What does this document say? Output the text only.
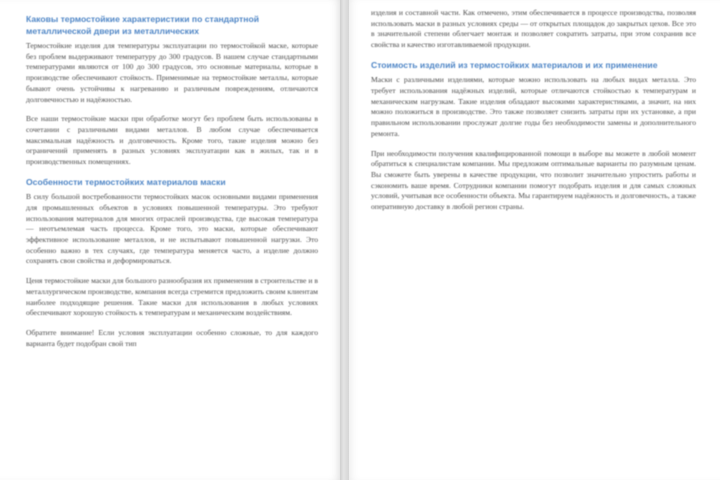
Каковы термостойкие характеристики по стандартной металлической двери из металлических

Термостойкие изделия для температуры эксплуатации по термостойкой маске, которые без проблем выдерживают температуру до 300 градусов. В нашем случае стандартными температурами являются от 100 до 300 градусов, это основные материалы, которые в производстве обеспечивают стойкость. Применимые на термостойкие металлы, которые бывают очень устойчивы к нагреванию и различным повреждениям, отличаются долговечностью и надёжностью.

Все наши термостойкие маски при обработке могут без проблем быть использованы в сочетании с различными видами металлов. В любом случае обеспечивается максимальная надёжность и долговечность. Кроме того, такие изделия можно без ограничений применять в разных условиях эксплуатации как в жилых, так и в производственных помещениях.

Особенности термостойких материалов маски

В силу большой востребованности термостойких масок основными видами применения для промышленных объектов в условиях повышенной температуры. Это требуют использования материалов для многих отраслей производства, где высокая температура — неотъемлемая часть процесса. Кроме того, это маски, которые обеспечивают эффективное использование металлов, и не испытывают повышенной нагрузки. Это особенно важно в тех случаях, где температура меняется часто, а изделие должно сохранять свои свойства и деформироваться.

Ценя термостойкие маски для большого разнообразия их применения в строительстве и в металлургическом производстве, компания всегда стремится предложить своим клиентам наиболее подходящие решения. Такие маски для использования в любых условиях обеспечивают хорошую стойкость к температурам и механическим воздействиям.

Обратите внимание! Если условия эксплуатации особенно сложные, то для каждого варианта будет подобран свой тип

изделия и составной части. Как отмечено, этим обеспечивается в процессе производства, позволяя использовать маски в разных условиях среды — от открытых площадок до закрытых цехов. Все это в значительной степени облегчает монтаж и позволяет сократить затраты, при этом сохранив все свойства и качество изготавливаемой продукции.

Стоимость изделий из термостойких материалов и их применение

Маски с различными изделиями, которые можно использовать на любых видах металла. Это требует использования надёжных изделий, которые отличаются стойкостью к температурам и механическим нагрузкам. Такие изделия обладают высокими характеристиками, а значит, на них можно положиться в производстве. Это также позволяет снизить затраты при их установке, а при правильном использовании прослужат долгие годы без необходимости замены и дополнительного ремонта.

При необходимости получения квалифицированной помощи в выборе вы можете в любой момент обратиться к специалистам компании. Мы предложим оптимальные варианты по разумным ценам. Вы сможете быть уверены в качестве продукции, что позволит значительно упростить работы и сэкономить ваше время. Сотрудники компании помогут подобрать изделия и для самых сложных условий, учитывая все особенности объекта. Мы гарантируем надёжность и долговечность, а также оперативную доставку в любой регион страны.
